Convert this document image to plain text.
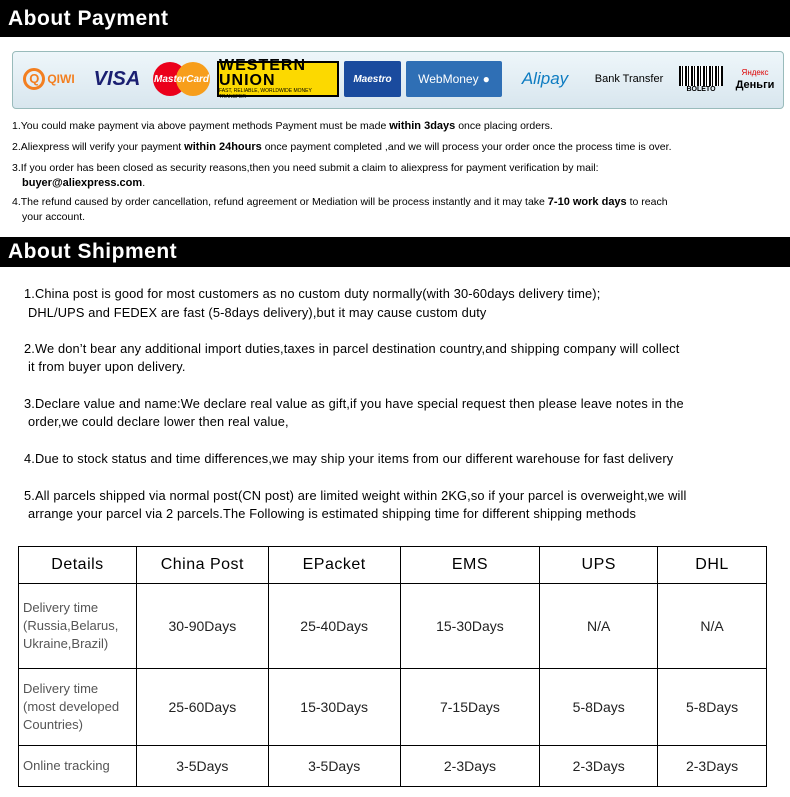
About Payment
Q QIWI VISA MasterCard
WESTERN UNION
FAST, RELIABLE, WORLDWIDE MONEY TRANSFER
Maestro WebMoney ● Alipay Bank Transfer
BOLETO
Яндекс
Деньги
1.You could make payment via above payment methods Payment must be made within 3days once placing orders.
2.Aliexpress will verify your payment within 24hours once payment completed ,and we will process your order once the process time is over.
3.If you order has been closed as security reasons,then you need submit a claim to aliexpress for payment verification by mail:
buyer@aliexpress.com.
4.The refund caused by order cancellation, refund agreement or Mediation will be process instantly and it may take 7-10 work days to reach
your account.
About Shipment
1.China post is good for most customers as no custom duty normally(with 30-60days delivery time);
DHL/UPS and FEDEX are fast (5-8days delivery),but it may cause custom duty
2.We don’t bear any additional import duties,taxes in parcel destination country,and shipping company will collect
it from buyer upon delivery.
3.Declare value and name:We declare real value as gift,if you have special request then please leave notes in the
order,we could declare lower then real value,
4.Due to stock status and time differences,we may ship your items from our different warehouse for fast delivery
5.All parcels shipped via normal post(CN post) are limited weight within 2KG,so if your parcel is overweight,we will
arrange your parcel via 2 parcels.The Following is estimated shipping time for different shipping methods
Details	China Post	EPacket	EMS	UPS	DHL
Delivery time
(Russia,Belarus,
Ukraine,Brazil)	30-90Days	25-40Days	15-30Days	N/A	N/A
Delivery time
(most developed
Countries)	25-60Days	15-30Days	7-15Days	5-8Days	5-8Days
Online tracking	3-5Days	3-5Days	2-3Days	2-3Days	2-3Days
